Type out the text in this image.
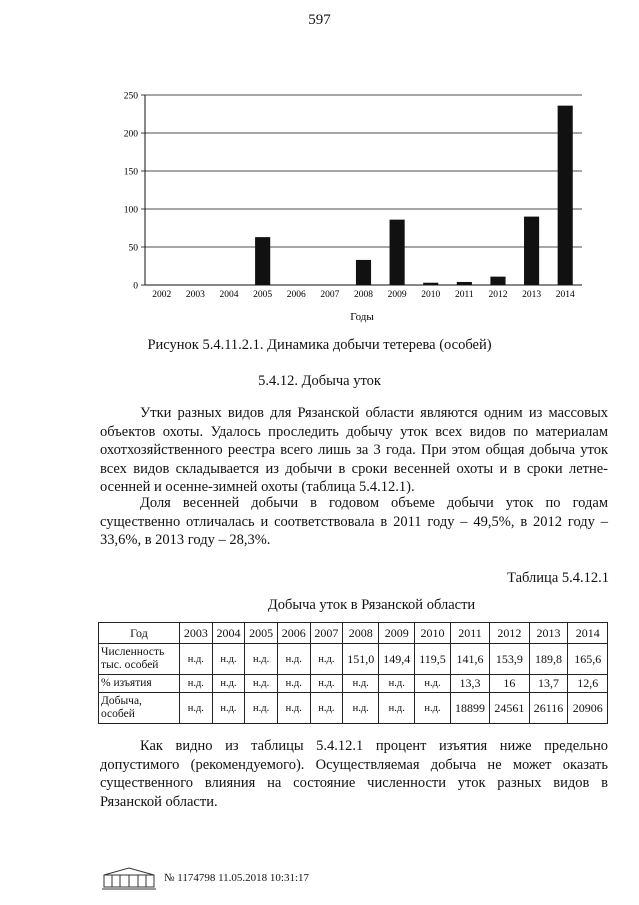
597
0
50
100
150
200
250
2002 2003 2004 2005 2006 2007 2008 2009 2010 2011 2012 2013 2014
Годы
Рисунок 5.4.11.2.1. Динамика добычи тетерева (особей)
5.4.12. Добыча уток

Утки разных видов для Рязанской области являются одним из массовых объектов охоты. Удалось проследить добычу уток всех видов по материалам охотхозяйственного реестра всего лишь за 3 года. При этом общая добыча уток всех видов складывается из добычи в сроки весенней охоты и в сроки летне-осенней и осенне-зимней охоты (таблица 5.4.12.1).

Доля весенней добычи в годовом объеме добычи уток по годам существенно отличалась и соответствовала в 2011 году – 49,5%, в 2012 году – 33,6%, в 2013 году – 28,3%.

Таблица 5.4.12.1
Добыча уток в Рязанской области
Год	2003	2004	2005	2006	2007	2008	2009	2010	2011	2012	2013	2014
Численность тыс. особей	н.д.	н.д.	н.д.	н.д.	н.д.	151,0	149,4	119,5	141,6	153,9	189,8	165,6
% изъятия	н.д.	н.д.	н.д.	н.д.	н.д.	н.д.	н.д.	н.д.	13,3	16	13,7	12,6
Добыча, особей	н.д.	н.д.	н.д.	н.д.	н.д.	н.д.	н.д.	н.д.	18899	24561	26116	20906

Как видно из таблицы 5.4.12.1 процент изъятия ниже предельно допустимого (рекомендуемого). Осуществляемая добыча не может оказать существенного влияния на состояние численности уток разных видов в Рязанской области.

№ 1174798 11.05.2018 10:31:17
